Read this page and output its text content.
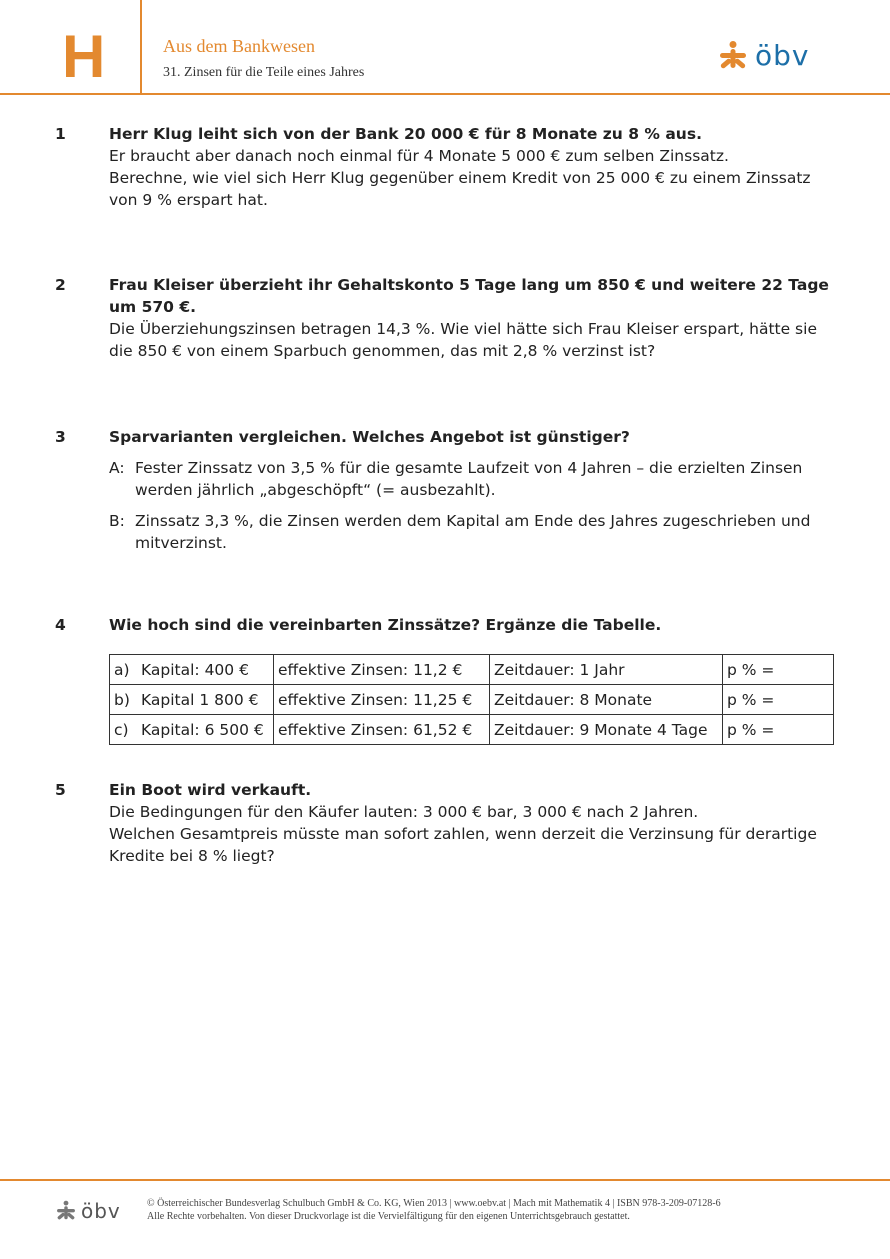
H	Aus dem Bankwesen
31. Zinsen für die Teile eines Jahres
öbv
1	Herr Klug leiht sich von der Bank 20 000 € für 8 Monate zu 8 % aus.

Er braucht aber danach noch einmal für 4 Monate 5 000 € zum selben Zinssatz.
Berechne, wie viel sich Herr Klug gegenüber einem Kredit von 25 000 € zu einem Zinssatz von 9 % erspart hat.

2	Frau Kleiser überzieht ihr Gehaltskonto 5 Tage lang um 850 € und weitere 22 Tage um 570 €.

Die Überziehungszinsen betragen 14,3 %. Wie viel hätte sich Frau Kleiser erspart, hätte sie die 850 € von einem Sparbuch genommen, das mit 2,8 % verzinst ist?

3	Sparvarianten vergleichen. Welches Angebot ist günstiger?

A: Fester Zinssatz von 3,5 % für die gesamte Laufzeit von 4 Jahren – die erzielten Zinsen werden jährlich „abgeschöpft“ (= ausbezahlt).
B: Zinssatz 3,3 %, die Zinsen werden dem Kapital am Ende des Jahres zugeschrieben und mitverzinst.
4	Wie hoch sind die vereinbarten Zinssätze? Ergänze die Tabelle.

a) Kapital: 400 €	effektive Zinsen: 11,2 €	Zeitdauer: 1 Jahr	p % =
b) Kapital 1 800 €	effektive Zinsen: 11,25 €	Zeitdauer: 8 Monate	p % =
c) Kapital: 6 500 €	effektive Zinsen: 61,52 €	Zeitdauer: 9 Monate 4 Tage	p % =
5	Ein Boot wird verkauft.

Die Bedingungen für den Käufer lauten: 3 000 € bar, 3 000 € nach 2 Jahren.
Welchen Gesamtpreis müsste man sofort zahlen, wenn derzeit die Verzinsung für derartige Kredite bei 8 % liegt?

öbv	© Österreichischer Bundesverlag Schulbuch GmbH & Co. KG, Wien 2013 | www.oebv.at | Mach mit Mathematik 4 | ISBN 978-3-209-07128-6
Alle Rechte vorbehalten. Von dieser Druckvorlage ist die Vervielfältigung für den eigenen Unterrichtsgebrauch gestattet.
